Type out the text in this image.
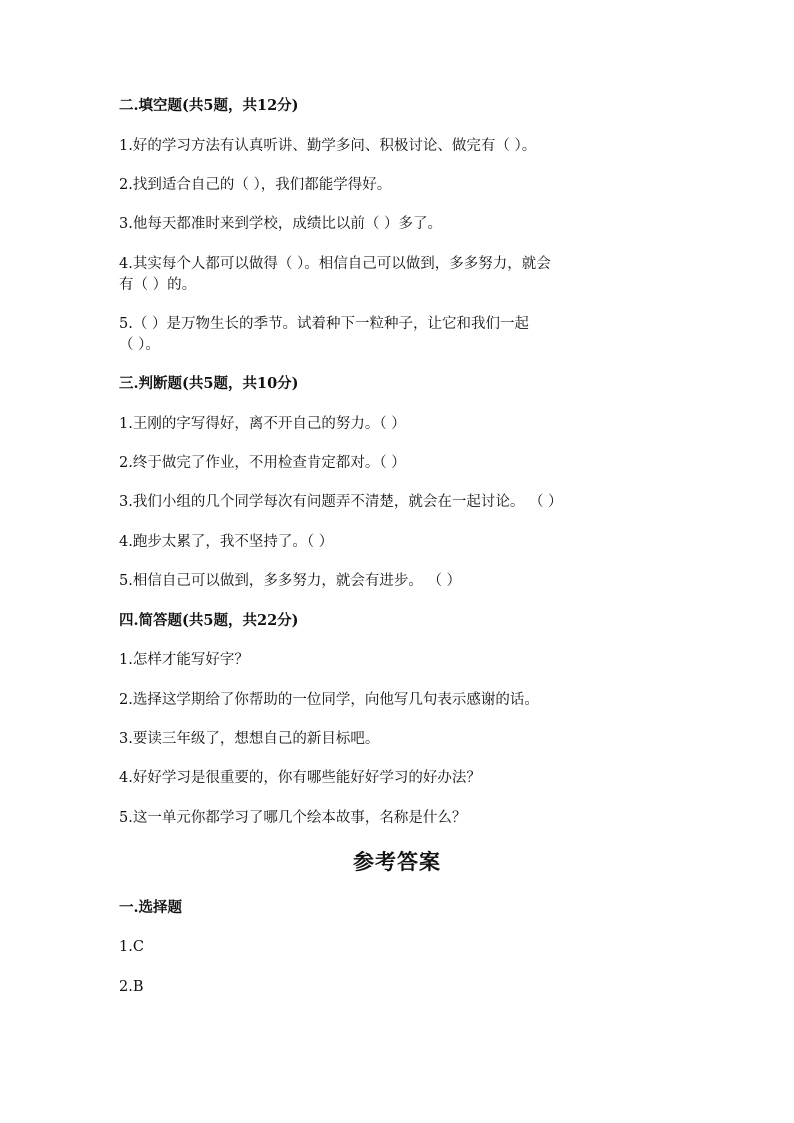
二.填空题(共5题，共12分)
1.好的学习方法有认真听讲、勤学多问、积极讨论、做完有（ ）。
2.找到适合自己的（ ），我们都能学得好。
3.他每天都准时来到学校，成绩比以前（ ）多了。
4.其实每个人都可以做得（ ）。相信自己可以做到，多多努力，就会
有（ ）的。
5.（ ）是万物生长的季节。试着种下一粒种子，让它和我们一起
（ ）。
三.判断题(共5题，共10分)
1.王刚的字写得好，离不开自己的努力。（ ）
2.终于做完了作业，不用检查肯定都对。（ ）
3.我们小组的几个同学每次有问题弄不清楚，就会在一起讨论。 （ ）
4.跑步太累了，我不坚持了。（ ）
5.相信自己可以做到，多多努力，就会有进步。 （ ）
四.简答题(共5题，共22分)
1.怎样才能写好字？
2.选择这学期给了你帮助的一位同学，向他写几句表示感谢的话。
3.要读三年级了，想想自己的新目标吧。
4.好好学习是很重要的，你有哪些能好好学习的好办法？
5.这一单元你都学习了哪几个绘本故事，名称是什么？
参考答案
一.选择题
1.C
2.B
